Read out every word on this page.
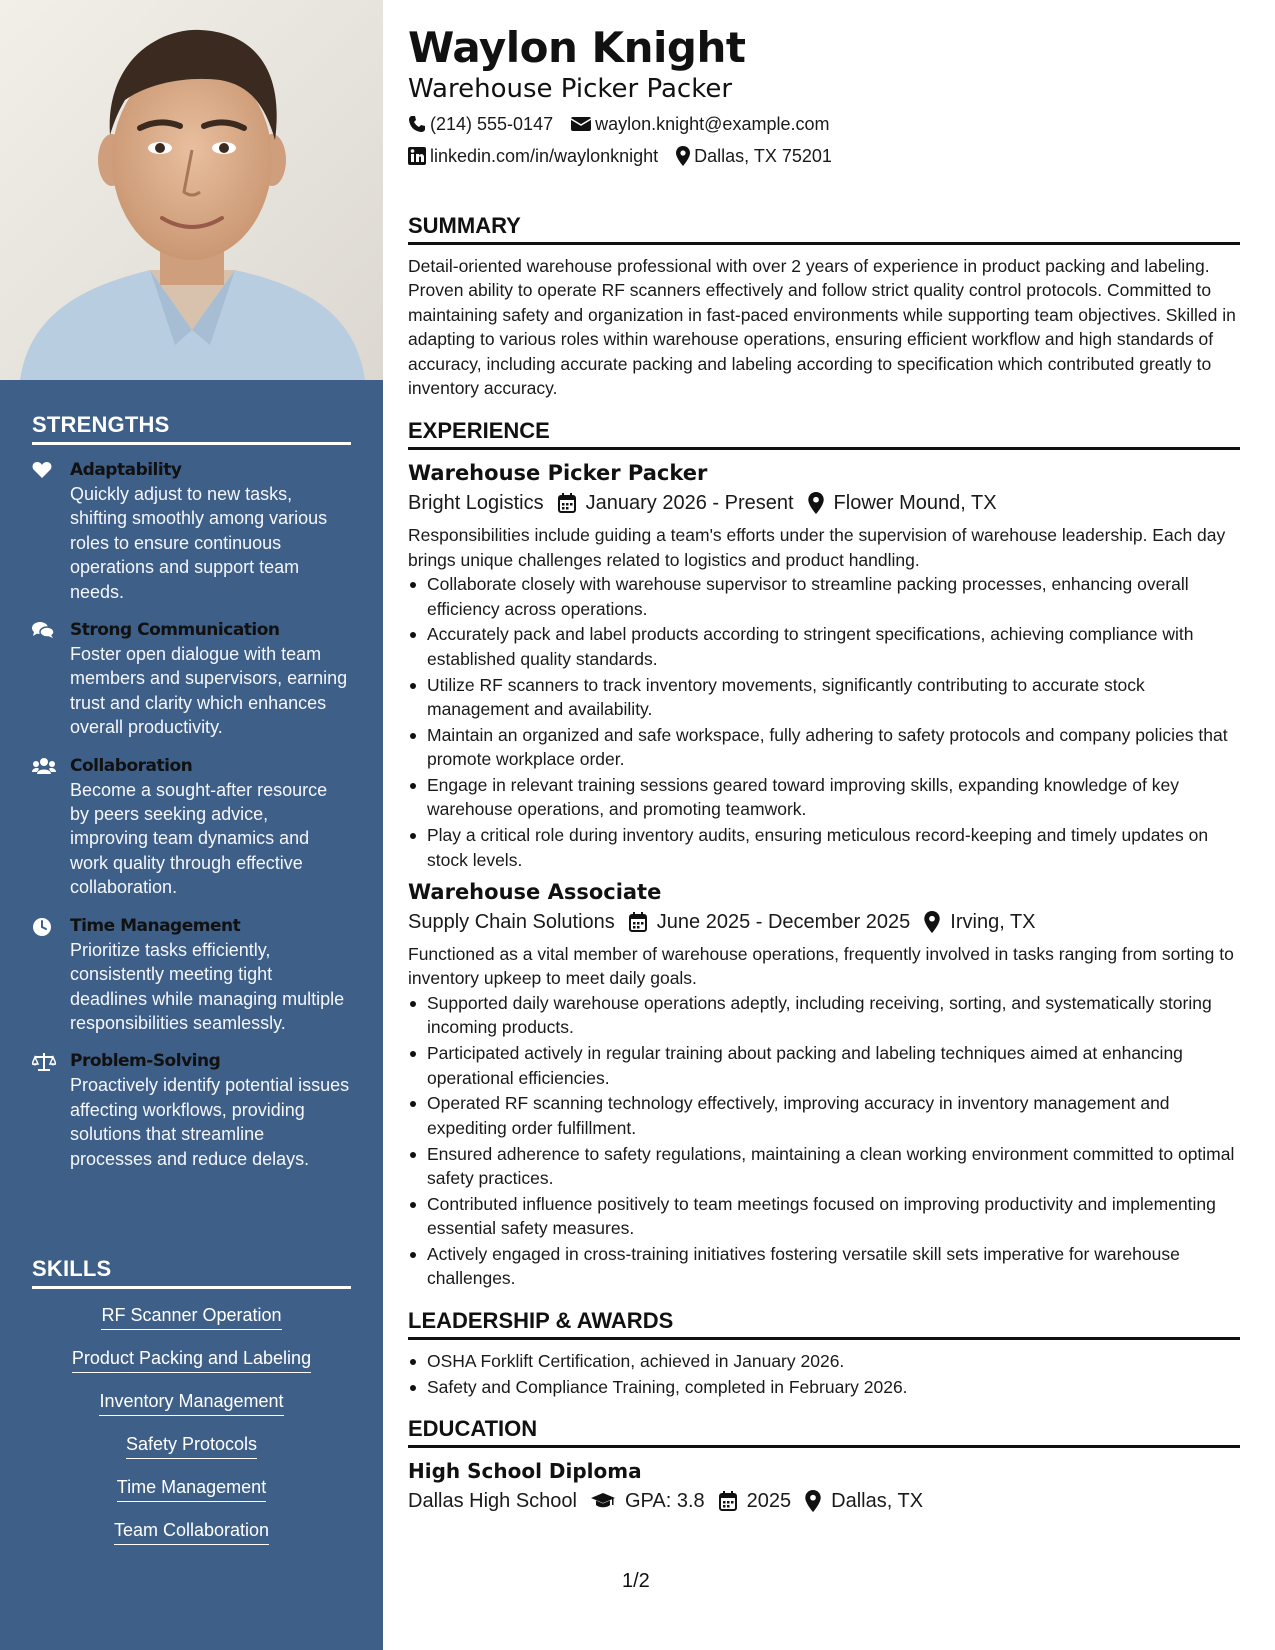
STRENGTHS
Adaptability
Quickly adjust to new tasks, shifting smoothly among various roles to ensure continuous operations and support team needs.
Strong Communication
Foster open dialogue with team members and supervisors, earning trust and clarity which enhances overall productivity.
Collaboration
Become a sought-after resource by peers seeking advice, improving team dynamics and work quality through effective collaboration.
Time Management
Prioritize tasks efficiently, consistently meeting tight deadlines while managing multiple responsibilities seamlessly.
Problem-Solving
Proactively identify potential issues affecting workflows, providing solutions that streamline processes and reduce delays.
SKILLS
RF Scanner Operation
Product Packing and Labeling
Inventory Management
Safety Protocols
Time Management
Team Collaboration
Waylon Knight
Warehouse Picker Packer
(214) 555-0147 waylon.knight@example.com
linkedin.com/in/waylonknight Dallas, TX 75201
SUMMARY
Detail-oriented warehouse professional with over 2 years of experience in product packing and labeling. Proven ability to operate RF scanners effectively and follow strict quality control protocols. Committed to maintaining safety and organization in fast-paced environments while supporting team objectives. Skilled in adapting to various roles within warehouse operations, ensuring efficient workflow and high standards of accuracy, including accurate packing and labeling according to specification which contributed greatly to inventory accuracy.
EXPERIENCE
Warehouse Picker Packer
Bright Logistics January 2026 - Present Flower Mound, TX
Responsibilities include guiding a team's efforts under the supervision of warehouse leadership. Each day brings unique challenges related to logistics and product handling.
Collaborate closely with warehouse supervisor to streamline packing processes, enhancing overall efficiency across operations.
Accurately pack and label products according to stringent specifications, achieving compliance with established quality standards.
Utilize RF scanners to track inventory movements, significantly contributing to accurate stock management and availability.
Maintain an organized and safe workspace, fully adhering to safety protocols and company policies that promote workplace order.
Engage in relevant training sessions geared toward improving skills, expanding knowledge of key warehouse operations, and promoting teamwork.
Play a critical role during inventory audits, ensuring meticulous record-keeping and timely updates on stock levels.
Warehouse Associate
Supply Chain Solutions June 2025 - December 2025 Irving, TX
Functioned as a vital member of warehouse operations, frequently involved in tasks ranging from sorting to inventory upkeep to meet daily goals.
Supported daily warehouse operations adeptly, including receiving, sorting, and systematically storing incoming products.
Participated actively in regular training about packing and labeling techniques aimed at enhancing operational efficiencies.
Operated RF scanning technology effectively, improving accuracy in inventory management and expediting order fulfillment.
Ensured adherence to safety regulations, maintaining a clean working environment committed to optimal safety practices.
Contributed influence positively to team meetings focused on improving productivity and implementing essential safety measures.
Actively engaged in cross-training initiatives fostering versatile skill sets imperative for warehouse challenges.
LEADERSHIP & AWARDS
OSHA Forklift Certification, achieved in January 2026.
Safety and Compliance Training, completed in February 2026.
EDUCATION
High School Diploma
Dallas High School GPA: 3.8 2025 Dallas, TX
1/2
